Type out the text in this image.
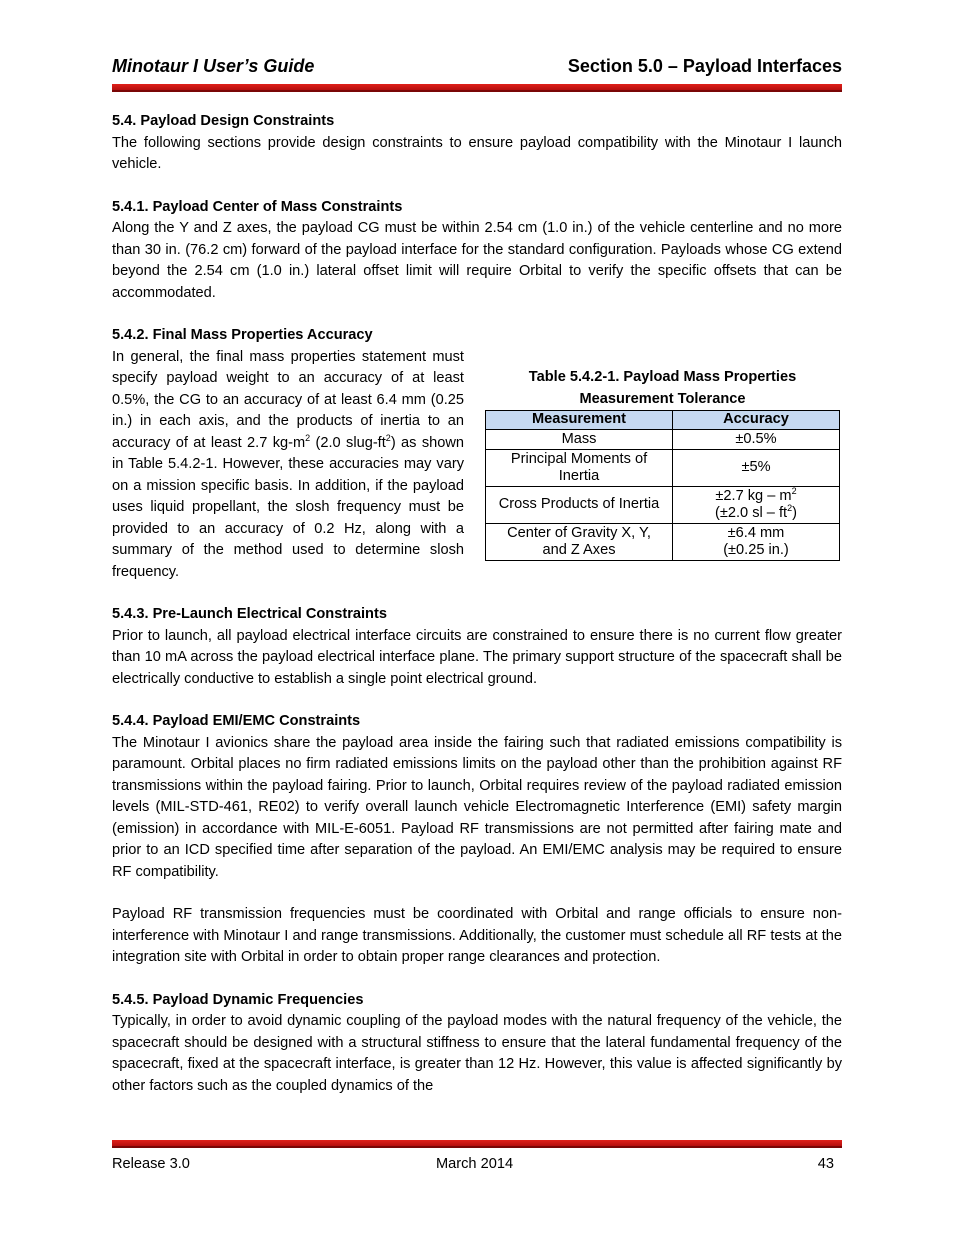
Minotaur I User’s Guide	Section 5.0 – Payload Interfaces
5.4. Payload Design Constraints

The following sections provide design constraints to ensure payload compatibility with the Minotaur I launch vehicle.

5.4.1. Payload Center of Mass Constraints

Along the Y and Z axes, the payload CG must be within 2.54 cm (1.0 in.) of the vehicle centerline and no more than 30 in. (76.2 cm) forward of the payload interface for the standard configuration. Payloads whose CG extend beyond the 2.54 cm (1.0 in.) lateral offset limit will require Orbital to verify the specific offsets that can be accommodated.

5.4.2. Final Mass Properties Accuracy

In general, the final mass properties statement must specify payload weight to an accuracy of at least 0.5%, the CG to an accuracy of at least 6.4 mm (0.25 in.) in each axis, and the products of inertia to an accuracy of at least 2.7 $kg-m^2$ (2.0 slug-$ft^2$) as shown in Table 5.4.2-1. However, these accuracies may vary on a mission specific basis. In addition, if the payload uses liquid propellant, the slosh frequency must be provided to an accuracy of 0.2 Hz, along with a summary of the method used to determine slosh frequency.

Table 5.4.2-1. Payload Mass Properties
Measurement Tolerance
Measurement	Accuracy
Mass	±0.5%
Principal Moments of
Inertia	±5%
Cross Products of Inertia	±2.7 kg – $m^2$
(±2.0 sl – $ft^2$)
Center of Gravity X, Y,
and Z Axes	±6.4 mm
(±0.25 in.)
5.4.3. Pre-Launch Electrical Constraints

Prior to launch, all payload electrical interface circuits are constrained to ensure there is no current flow greater than 10 mA across the payload electrical interface plane. The primary support structure of the spacecraft shall be electrically conductive to establish a single point electrical ground.

5.4.4. Payload EMI/EMC Constraints

The Minotaur I avionics share the payload area inside the fairing such that radiated emissions compatibility is paramount. Orbital places no firm radiated emissions limits on the payload other than the prohibition against RF transmissions within the payload fairing. Prior to launch, Orbital requires review of the payload radiated emission levels (MIL-STD-461, RE02) to verify overall launch vehicle Electromagnetic Interference (EMI) safety margin (emission) in accordance with MIL-E-6051. Payload RF transmissions are not permitted after fairing mate and prior to an ICD specified time after separation of the payload. An EMI/EMC analysis may be required to ensure RF compatibility.

Payload RF transmission frequencies must be coordinated with Orbital and range officials to ensure non-interference with Minotaur I and range transmissions. Additionally, the customer must schedule all RF tests at the integration site with Orbital in order to obtain proper range clearances and protection.

5.4.5. Payload Dynamic Frequencies

Typically, in order to avoid dynamic coupling of the payload modes with the natural frequency of the vehicle, the spacecraft should be designed with a structural stiffness to ensure that the lateral fundamental frequency of the spacecraft, fixed at the spacecraft interface, is greater than 12 Hz. However, this value is affected significantly by other factors such as the coupled dynamics of the

Release 3.0	March 2014	43
